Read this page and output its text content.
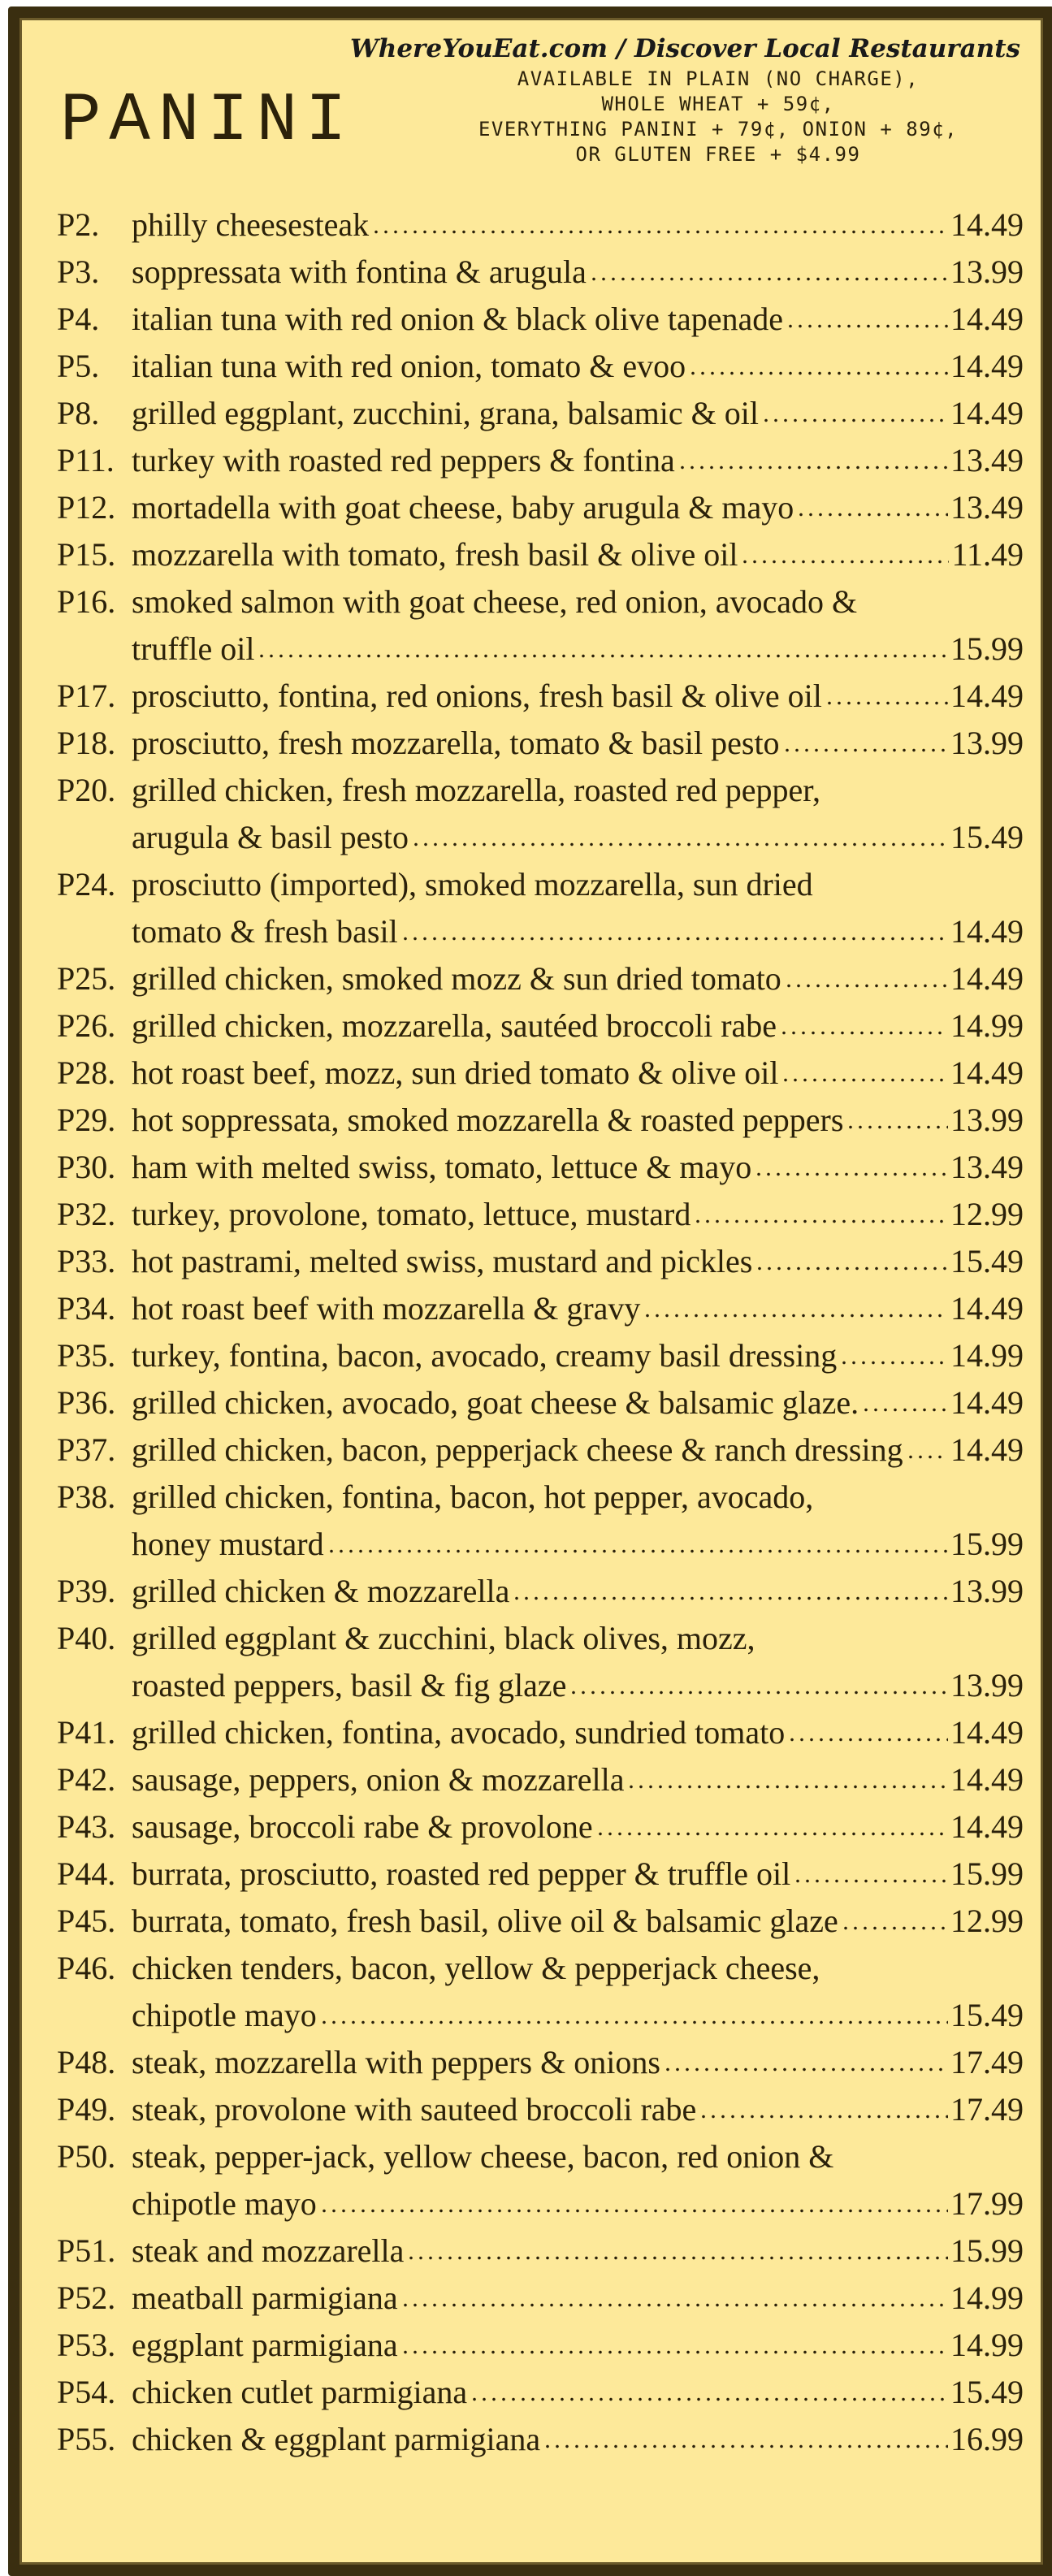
WhereYouEat.com / Discover Local Restaurants
PANINI
AVAILABLE IN PLAIN (NO CHARGE),
WHOLE WHEAT + 59¢,
EVERYTHING PANINI + 79¢, ONION + 89¢,
OR GLUTEN FREE + $4.99
P2. philly cheesesteak	14.49
P3. soppressata with fontina & arugula	13.99
P4. italian tuna with red onion & black olive tapenade	14.49
P5. italian tuna with red onion, tomato & evoo	14.49
P8. grilled eggplant, zucchini, grana, balsamic & oil	14.49
P11. turkey with roasted red peppers & fontina	13.49
P12. mortadella with goat cheese, baby arugula & mayo	13.49
P15. mozzarella with tomato, fresh basil & olive oil	11.49
P16. smoked salmon with goat cheese, red onion, avocado &
truffle oil	15.99
P17. prosciutto, fontina, red onions, fresh basil & olive oil	14.49
P18. prosciutto, fresh mozzarella, tomato & basil pesto	13.99
P20. grilled chicken, fresh mozzarella, roasted red pepper,
arugula & basil pesto	15.49
P24. prosciutto (imported), smoked mozzarella, sun dried
tomato & fresh basil	14.49
P25. grilled chicken, smoked mozz & sun dried tomato	14.49
P26. grilled chicken, mozzarella, sautéed broccoli rabe	14.99
P28. hot roast beef, mozz, sun dried tomato & olive oil	14.49
P29. hot soppressata, smoked mozzarella & roasted peppers	13.99
P30. ham with melted swiss, tomato, lettuce & mayo	13.49
P32. turkey, provolone, tomato, lettuce, mustard	12.99
P33. hot pastrami, melted swiss, mustard and pickles	15.49
P34. hot roast beef with mozzarella & gravy	14.49
P35. turkey, fontina, bacon, avocado, creamy basil dressing	14.99
P36. grilled chicken, avocado, goat cheese & balsamic glaze.	14.49
P37. grilled chicken, bacon, pepperjack cheese & ranch dressing 14.49
P38. grilled chicken, fontina, bacon, hot pepper, avocado,
honey mustard	15.99
P39. grilled chicken & mozzarella	13.99
P40. grilled eggplant & zucchini, black olives, mozz,
roasted peppers, basil & fig glaze	13.99
P41. grilled chicken, fontina, avocado, sundried tomato	14.49
P42. sausage, peppers, onion & mozzarella	14.49
P43. sausage, broccoli rabe & provolone	14.49
P44. burrata, prosciutto, roasted red pepper & truffle oil	15.99
P45. burrata, tomato, fresh basil, olive oil & balsamic glaze	12.99
P46. chicken tenders, bacon, yellow & pepperjack cheese,
chipotle mayo	15.49
P48. steak, mozzarella with peppers & onions	17.49
P49. steak, provolone with sauteed broccoli rabe	17.49
P50. steak, pepper-jack, yellow cheese, bacon, red onion &
chipotle mayo	17.99
P51. steak and mozzarella	15.99
P52. meatball parmigiana	14.99
P53. eggplant parmigiana	14.99
P54. chicken cutlet parmigiana	15.49
P55. chicken & eggplant parmigiana	16.99
